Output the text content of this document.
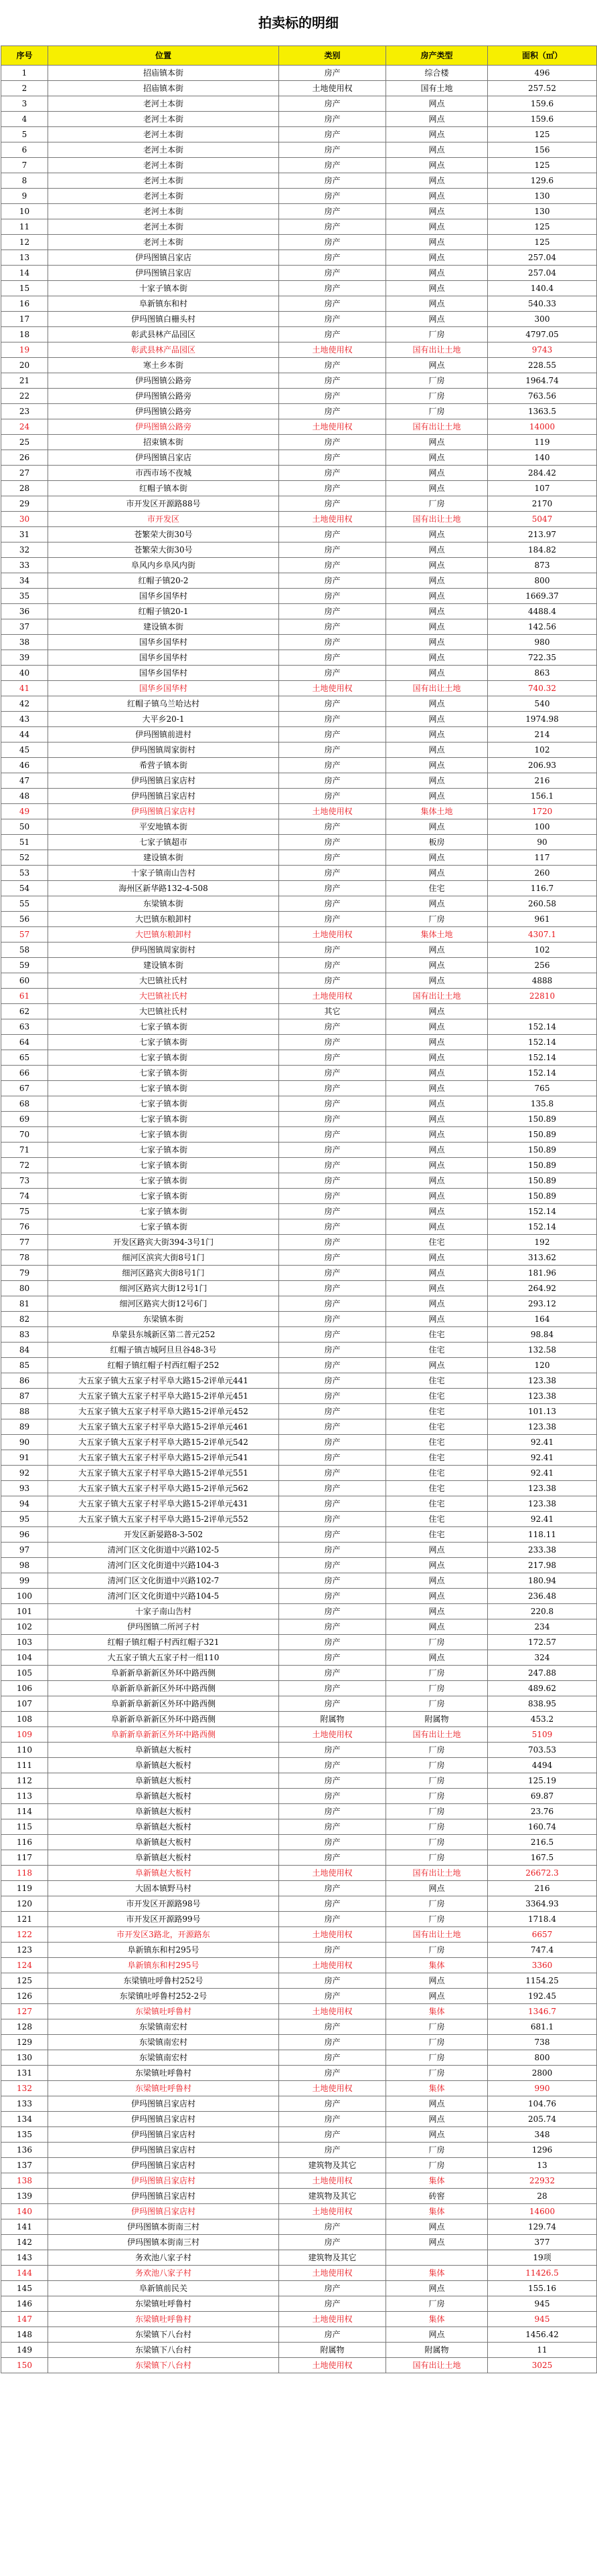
拍卖标的明细
序号	位置	类别	房产类型	面积（㎡）
1	招庙镇本街	房产	综合楼	496
2	招庙镇本街	土地使用权	国有土地	257.52
3	老河土本街	房产	网点	159.6
4	老河土本街	房产	网点	159.6
5	老河土本街	房产	网点	125
6	老河土本街	房产	网点	156
7	老河土本街	房产	网点	125
8	老河土本街	房产	网点	129.6
9	老河土本街	房产	网点	130
10	老河土本街	房产	网点	130
11	老河土本街	房产	网点	125
12	老河土本街	房产	网点	125
13	伊玛图镇吕家店	房产	网点	257.04
14	伊玛图镇吕家店	房产	网点	257.04
15	十家子镇本街	房产	网点	140.4
16	阜新镇东和村	房产	网点	540.33
17	伊玛图镇白栅头村	房产	网点	300
18	彰武县林产品园区	房产	厂房	4797.05
19	彰武县林产品园区	土地使用权	国有出让土地	9743
20	寒土乡本街	房产	网点	228.55
21	伊玛图镇公路旁	房产	厂房	1964.74
22	伊玛图镇公路旁	房产	厂房	763.56
23	伊玛图镇公路旁	房产	厂房	1363.5
24	伊玛图镇公路旁	土地使用权	国有出让土地	14000
25	招束镇本街	房产	网点	119
26	伊玛图镇吕家店	房产	网点	140
27	市西市场不夜城	房产	网点	284.42
28	红帽子镇本街	房产	网点	107
29	市开发区开源路88号	房产	厂房	2170
30	市开发区	土地使用权	国有出让土地	5047
31	苍繁荣大街30号	房产	网点	213.97
32	苍繁荣大街30号	房产	网点	184.82
33	阜风内乡阜风内街	房产	网点	873
34	红帽子镇20-2	房产	网点	800
35	国华乡国华村	房产	网点	1669.37
36	红帽子镇20-1	房产	网点	4488.4
37	建设镇本街	房产	网点	142.56
38	国华乡国华村	房产	网点	980
39	国华乡国华村	房产	网点	722.35
40	国华乡国华村	房产	网点	863
41	国华乡国华村	土地使用权	国有出让土地	740.32
42	红帽子镇乌兰哈达村	房产	网点	540
43	大平乡20-1	房产	网点	1974.98
44	伊玛图镇前进村	房产	网点	214
45	伊玛图镇周家街村	房产	网点	102
46	希营子镇本街	房产	网点	206.93
47	伊玛图镇吕家店村	房产	网点	216
48	伊玛图镇吕家店村	房产	网点	156.1
49	伊玛图镇吕家店村	土地使用权	集体土地	1720
50	平安地镇本街	房产	网点	100
51	七家子镇超市	房产	板房	90
52	建设镇本街	房产	网点	117
53	十家子镇南山告村	房产	网点	260
54	海州区新华路132-4-508	房产	住宅	116.7
55	东梁镇本街	房产	网点	260.58
56	大巴镇东粮卸村	房产	厂房	961
57	大巴镇东粮卸村	土地使用权	集体土地	4307.1
58	伊玛图镇周家街村	房产	网点	102
59	建设镇本街	房产	网点	256
60	大巴镇社氏村	房产	网点	4888
61	大巴镇社氏村	土地使用权	国有出让土地	22810
62	大巴镇社氏村	其它	网点	
63	七家子镇本街	房产	网点	152.14
64	七家子镇本街	房产	网点	152.14
65	七家子镇本街	房产	网点	152.14
66	七家子镇本街	房产	网点	152.14
67	七家子镇本街	房产	网点	765
68	七家子镇本街	房产	网点	135.8
69	七家子镇本街	房产	网点	150.89
70	七家子镇本街	房产	网点	150.89
71	七家子镇本街	房产	网点	150.89
72	七家子镇本街	房产	网点	150.89
73	七家子镇本街	房产	网点	150.89
74	七家子镇本街	房产	网点	150.89
75	七家子镇本街	房产	网点	152.14
76	七家子镇本街	房产	网点	152.14
77	开发区路宾大街394-3号1门	房产	住宅	192
78	细河区滨宾大街8号1门	房产	网点	313.62
79	细河区路宾大街8号1门	房产	网点	181.96
80	细河区路宾大街12号1门	房产	网点	264.92
81	细河区路宾大街12号6门	房产	网点	293.12
82	东梁镇本街	房产	网点	164
83	阜蒙县东城新区第二普元252	房产	住宅	98.84
84	红帽子镇吉城阿旦旦谷48-3号	房产	住宅	132.58
85	红帽子镇红帽子村西红帽子252	房产	网点	120
86	大五家子镇大五家子村平阜大路15-2评单元441	房产	住宅	123.38
87	大五家子镇大五家子村平阜大路15-2评单元451	房产	住宅	123.38
88	大五家子镇大五家子村平阜大路15-2评单元452	房产	住宅	101.13
89	大五家子镇大五家子村平阜大路15-2评单元461	房产	住宅	123.38
90	大五家子镇大五家子村平阜大路15-2评单元542	房产	住宅	92.41
91	大五家子镇大五家子村平阜大路15-2评单元541	房产	住宅	92.41
92	大五家子镇大五家子村平阜大路15-2评单元551	房产	住宅	92.41
93	大五家子镇大五家子村平阜大路15-2评单元562	房产	住宅	123.38
94	大五家子镇大五家子村平阜大路15-2评单元431	房产	住宅	123.38
95	大五家子镇大五家子村平阜大路15-2评单元552	房产	住宅	92.41
96	开发区新晏路8-3-502	房产	住宅	118.11
97	清河门区文化街道中兴路102-5	房产	网点	233.38
98	清河门区文化街道中兴路104-3	房产	网点	217.98
99	清河门区文化街道中兴路102-7	房产	网点	180.94
100	清河门区文化街道中兴路104-5	房产	网点	236.48
101	十家子南山告村	房产	网点	220.8
102	伊玛图镇二所河子村	房产	网点	234
103	红帽子镇红帽子村西红帽子321	房产	厂房	172.57
104	大五家子镇大五家子村一组110	房产	网点	324
105	阜新新阜新新区外环中路西侧	房产	厂房	247.88
106	阜新新阜新新区外环中路西侧	房产	厂房	489.62
107	阜新新阜新新区外环中路西侧	房产	厂房	838.95
108	阜新新阜新新区外环中路西侧	附属物	附属物	453.2
109	阜新新阜新新区外环中路西侧	土地使用权	国有出让土地	5109
110	阜新镇赵大板村	房产	厂房	703.53
111	阜新镇赵大板村	房产	厂房	4494
112	阜新镇赵大板村	房产	厂房	125.19
113	阜新镇赵大板村	房产	厂房	69.87
114	阜新镇赵大板村	房产	厂房	23.76
115	阜新镇赵大板村	房产	厂房	160.74
116	阜新镇赵大板村	房产	厂房	216.5
117	阜新镇赵大板村	房产	厂房	167.5
118	阜新镇赵大板村	土地使用权	国有出让土地	26672.3
119	大固本镇野马村	房产	网点	216
120	市开发区开源路98号	房产	厂房	3364.93
121	市开发区开源路99号	房产	厂房	1718.4
122	市开发区3路北，开源路东	土地使用权	国有出让土地	6657
123	阜新镇东和村295号	房产	厂房	747.4
124	阜新镇东和村295号	土地使用权	集体	3360
125	东梁镇吐呼鲁村252号	房产	网点	1154.25
126	东梁镇吐呼鲁村252-2号	房产	网点	192.45
127	东梁镇吐呼鲁村	土地使用权	集体	1346.7
128	东梁镇南宏村	房产	厂房	681.1
129	东梁镇南宏村	房产	厂房	738
130	东梁镇南宏村	房产	厂房	800
131	东梁镇吐呼鲁村	房产	厂房	2800
132	东梁镇吐呼鲁村	土地使用权	集体	990
133	伊玛图镇吕家店村	房产	网点	104.76
134	伊玛图镇吕家店村	房产	网点	205.74
135	伊玛图镇吕家店村	房产	网点	348
136	伊玛图镇吕家店村	房产	厂房	1296
137	伊玛图镇吕家店村	建筑物及其它	厂房	13
138	伊玛图镇吕家店村	土地使用权	集体	22932
139	伊玛图镇吕家店村	建筑物及其它	砖窖	28
140	伊玛图镇吕家店村	土地使用权	集体	14600
141	伊玛图镇本街南三村	房产	网点	129.74
142	伊玛图镇本街南三村	房产	网点	377
143	务欢池八家子村	建筑物及其它		19项
144	务欢池八家子村	土地使用权	集体	11426.5
145	阜新镇前民关	房产	网点	155.16
146	东梁镇吐呼鲁村	房产	厂房	945
147	东梁镇吐呼鲁村	土地使用权	集体	945
148	东梁镇下八台村	房产	网点	1456.42
149	东梁镇下八台村	附属物	附属物	11
150	东梁镇下八台村	土地使用权	国有出让土地	3025
